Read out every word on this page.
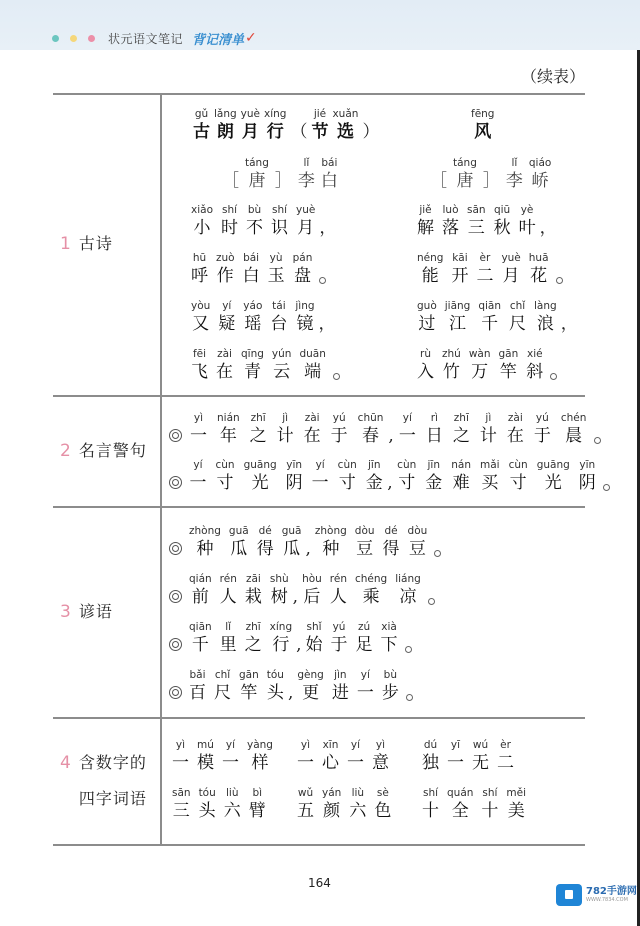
状元语文笔记 背记清单 ✓
（续表）
1 古诗
2 名言警句
3 谚语
4 含数字的
四字词语
gǔ
古
lǎng
朗
yuè
月
xíng
行 （
jié
节
xuǎn
选 ）
［
táng
唐 ］
lǐ
李
bái
白
xiǎo
小
shí
时
bù
不
shí
识
yuè
月 ，
hū
呼
zuò
作
bái
白
yù
玉
pán
盘
yòu
又
yí
疑
yáo
瑶
tái
台
jìng
镜 ，
fēi
飞
zài
在
qīng
青
yún
云
duān
端
fēng
风
［
táng
唐 ］
lǐ
李
qiáo
峤
jiě
解
luò
落
sān
三
qiū
秋
yè
叶 ，
néng
能
kāi
开
èr
二
yuè
月
huā
花
guò
过
jiāng
江
qiān
千
chǐ
尺
làng
浪 ，
rù
入
zhú
竹
wàn
万
gān
竿
xié
斜
yì
一
nián
年
zhī
之
jì
计
zài
在
yú
于
chūn
春 ,
yí
一
rì
日
zhī
之
jì
计
zài
在
yú
于
chén
晨
yí
一
cùn
寸
guāng
光
yīn
阴
yí
一
cùn
寸
jīn
金 ,
cùn
寸
jīn
金
nán
难
mǎi
买
cùn
寸
guāng
光
yīn
阴
zhòng
种
guā
瓜
dé
得
guā
瓜 ,
zhòng
种
dòu
豆
dé
得
dòu
豆
qián
前
rén
人
zāi
栽
shù
树 ,
hòu
后
rén
人
chéng
乘
liáng
凉
qiān
千
lǐ
里
zhī
之
xíng
行 ,
shǐ
始
yú
于
zú
足
xià
下
bǎi
百
chǐ
尺
gān
竿
tóu
头 ,
gèng
更
jìn
进
yí
一
bù
步
yì
一
mú
模
yí
一
yàng
样
yì
一
xīn
心
yí
一
yì
意
dú
独
yī
一
wú
无
èr
二
sān
三
tóu
头
liù
六
bì
臂
wǔ
五
yán
颜
liù
六
sè
色
shí
十
quán
全
shí
十
měi
美
164
782手游网
WWW.7834.COM
